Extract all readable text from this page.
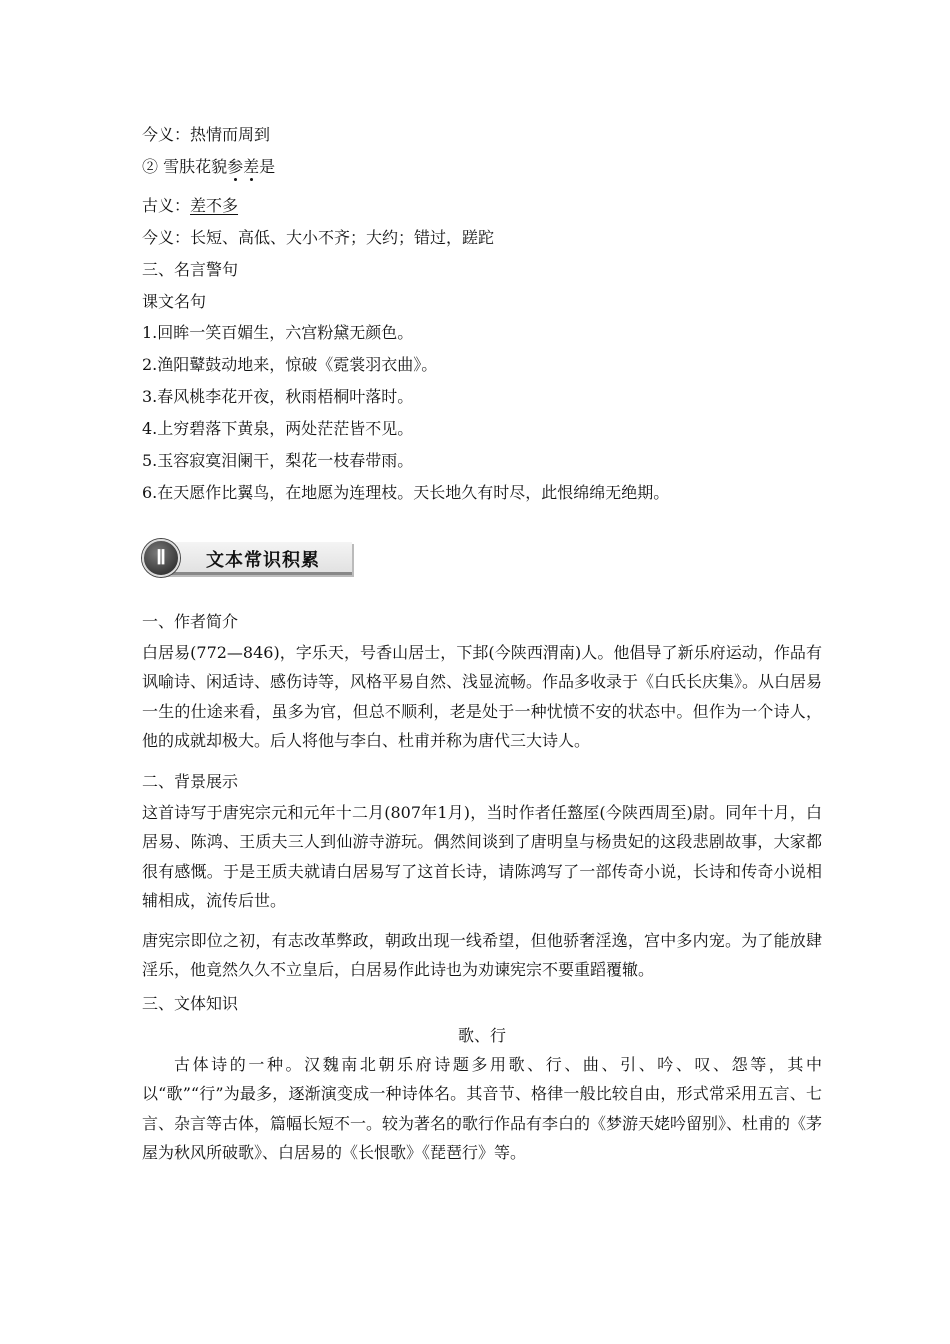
今义：热情而周到
② 雪肤花貌参差是
古义：差不多
今义：长短、高低、大小不齐；大约；错过，蹉跎
三、名言警句
课文名句
1.回眸一笑百媚生，六宫粉黛无颜色。
2.渔阳鼙鼓动地来，惊破《霓裳羽衣曲》。
3.春风桃李花开夜，秋雨梧桐叶落时。
4.上穷碧落下黄泉，两处茫茫皆不见。
5.玉容寂寞泪阑干，梨花一枝春带雨。
6.在天愿作比翼鸟，在地愿为连理枝。天长地久有时尽，此恨绵绵无绝期。
Ⅱ	文本常识积累
一、作者简介
白居易(772—846)，字乐天，号香山居士，下邽(今陕西渭南)人。他倡导了新乐府运动，作品有讽喻诗、闲适诗、感伤诗等，风格平易自然、浅显流畅。作品多收录于《白氏长庆集》。从白居易一生的仕途来看，虽多为官，但总不顺利，老是处于一种忧愤不安的状态中。但作为一个诗人，他的成就却极大。后人将他与李白、杜甫并称为唐代三大诗人。
二、背景展示
这首诗写于唐宪宗元和元年十二月(807年1月)，当时作者任盩厔(今陕西周至)尉。同年十月，白居易、陈鸿、王质夫三人到仙游寺游玩。偶然间谈到了唐明皇与杨贵妃的这段悲剧故事，大家都很有感慨。于是王质夫就请白居易写了这首长诗，请陈鸿写了一部传奇小说，长诗和传奇小说相辅相成，流传后世。
唐宪宗即位之初，有志改革弊政，朝政出现一线希望，但他骄奢淫逸，宫中多内宠。为了能放肆淫乐，他竟然久久不立皇后，白居易作此诗也为劝谏宪宗不要重蹈覆辙。
三、文体知识
歌、行
古体诗的一种。汉魏南北朝乐府诗题多用歌、行、曲、引、吟、叹、怨等，其中以“歌”“行”为最多，逐渐演变成一种诗体名。其音节、格律一般比较自由，形式常采用五言、七言、杂言等古体，篇幅长短不一。较为著名的歌行作品有李白的《梦游天姥吟留别》、杜甫的《茅屋为秋风所破歌》、白居易的《长恨歌》《琵琶行》等。
